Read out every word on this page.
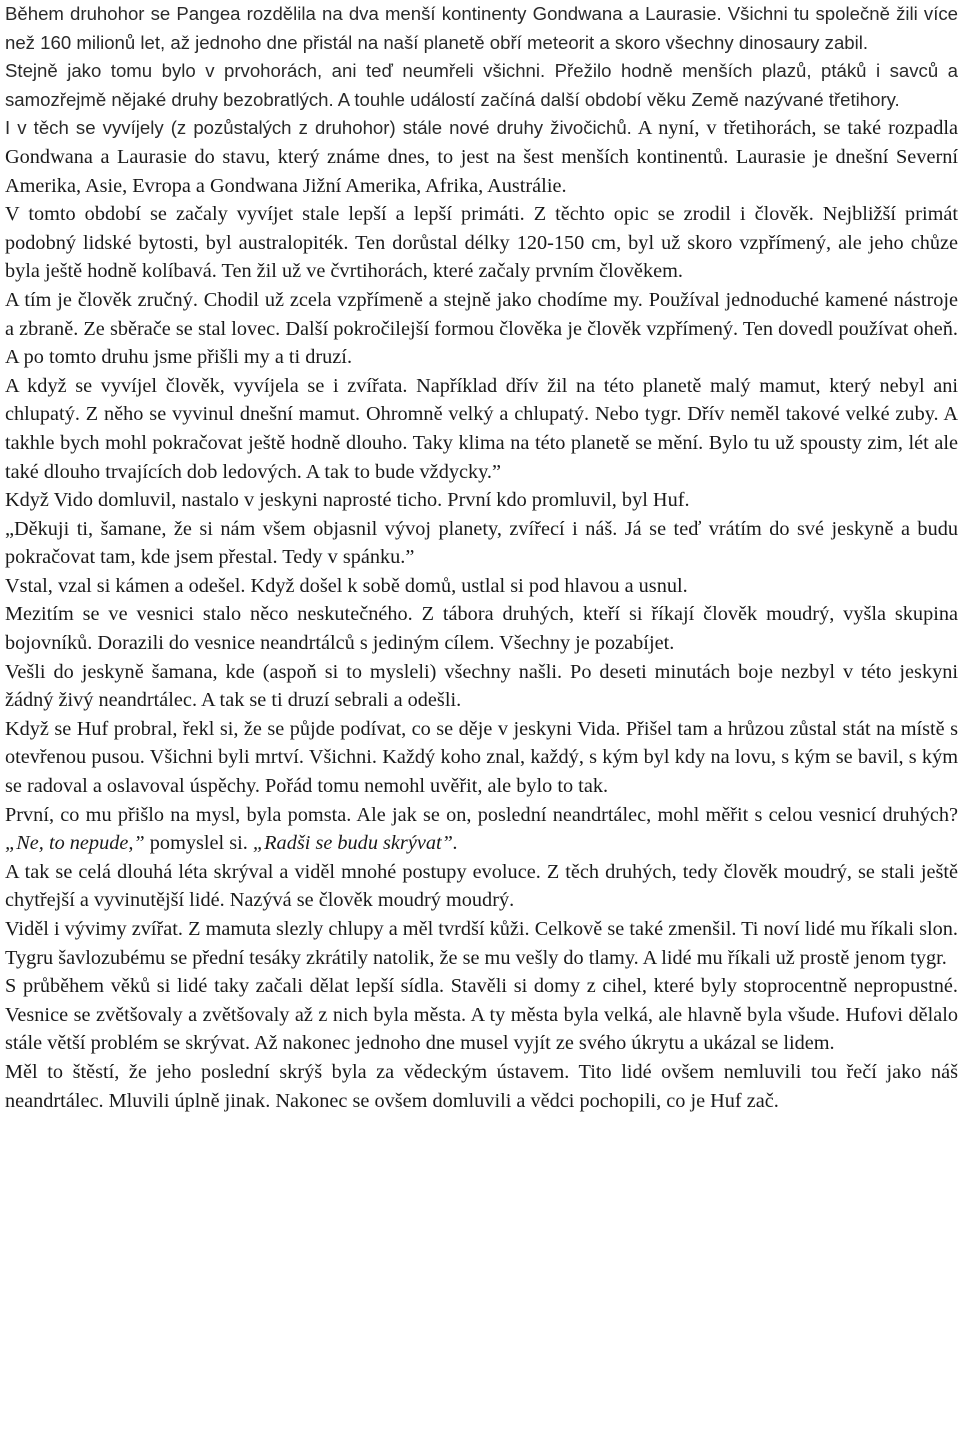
Během druhohor se Pangea rozdělila na dva menší kontinenty Gondwana a Laurasie. Všichni tu společně žili více než 160 milionů let, až jednoho dne přistál na naší planetě obří meteorit a skoro všechny dinosaury zabil.

Stejně jako tomu bylo v prvohorách, ani teď neumřeli všichni. Přežilo hodně menších plazů, ptáků i savců a samozřejmě nějaké druhy bezobratlých. A touhle událostí začíná další období věku Země nazývané třetihory.

I v těch se vyvíjely (z pozůstalých z druhohor) stále nové druhy živočichů. A nyní, v třetihorách, se také rozpadla Gondwana a Laurasie do stavu, který známe dnes, to jest na šest menších kontinentů. Laurasie je dnešní Severní Amerika, Asie, Evropa a Gondwana Jižní Amerika, Afrika, Austrálie.

V tomto období se začaly vyvíjet stale lepší a lepší primáti. Z těchto opic se zrodil i člověk. Nejbližší primát podobný lidské bytosti, byl australopiték. Ten dorůstal délky 120-150 cm, byl už skoro vzpřímený, ale jeho chůze byla ještě hodně kolíbavá. Ten žil už ve čvrtihorách, které začaly prvním člověkem.

A tím je člověk zručný. Chodil už zcela vzpřímeně a stejně jako chodíme my. Používal jednoduché kamené nástroje a zbraně. Ze sběrače se stal lovec. Další pokročilejší formou člověka je člověk vzpřímený. Ten dovedl používat oheň. A po tomto druhu jsme přišli my a ti druzí.

A když se vyvíjel člověk, vyvíjela se i zvířata. Například dřív žil na této planetě malý mamut, který nebyl ani chlupatý. Z něho se vyvinul dnešní mamut. Ohromně velký a chlupatý. Nebo tygr. Dřív neměl takové velké zuby. A takhle bych mohl pokračovat ještě hodně dlouho. Taky klima na této planetě se mění. Bylo tu už spousty zim, lét ale také dlouho trvajících dob ledových. A tak to bude vždycky.”

Když Vido domluvil, nastalo v jeskyni naprosté ticho. První kdo promluvil, byl Huf.

„Děkuji ti, šamane, že si nám všem objasnil vývoj planety, zvířecí i náš. Já se teď vrátím do své jeskyně a budu pokračovat tam, kde jsem přestal. Tedy v spánku.”

Vstal, vzal si kámen a odešel. Když došel k sobě domů, ustlal si pod hlavou a usnul.

Mezitím se ve vesnici stalo něco neskutečného. Z tábora druhých, kteří si říkají člověk moudrý, vyšla skupina bojovníků. Dorazili do vesnice neandrtálců s jediným cílem. Všechny je pozabíjet.

Vešli do jeskyně šamana, kde (aspoň si to mysleli) všechny našli. Po deseti minutách boje nezbyl v této jeskyni žádný živý neandrtálec. A tak se ti druzí sebrali a odešli.

Když se Huf probral, řekl si, že se půjde podívat, co se děje v jeskyni Vida. Přišel tam a hrůzou zůstal stát na místě s otevřenou pusou. Všichni byli mrtví. Všichni. Každý koho znal, každý, s kým byl kdy na lovu, s kým se bavil, s kým se radoval a oslavoval úspěchy. Pořád tomu nemohl uvěřit, ale bylo to tak.

První, co mu přišlo na mysl, byla pomsta. Ale jak se on, poslední neandrtálec, mohl měřit s celou vesnicí druhých? „Ne, to nepude,” pomyslel si. „Radši se budu skrývat”.

A tak se celá dlouhá léta skrýval a viděl mnohé postupy evoluce. Z těch druhých, tedy člověk moudrý, se stali ještě chytřejší a vyvinutější lidé. Nazývá se člověk moudrý moudrý.

Viděl i vývimy zvířat. Z mamuta slezly chlupy a měl tvrdší kůži. Celkově se také zmenšil. Ti noví lidé mu říkali slon. Tygru šavlozubému se přední tesáky zkrátily natolik, že se mu vešly do tlamy. A lidé mu říkali už prostě jenom tygr.

S průběhem věků si lidé taky začali dělat lepší sídla. Stavěli si domy z cihel, které byly stoprocentně nepropustné. Vesnice se zvětšovaly a zvětšovaly až z nich byla města. A ty města byla velká, ale hlavně byla všude. Hufovi dělalo stále větší problém se skrývat. Až nakonec jednoho dne musel vyjít ze svého úkrytu a ukázal se lidem.

Měl to štěstí, že jeho poslední skrýš byla za vědeckým ústavem. Tito lidé ovšem nemluvili tou řečí jako náš neandrtálec. Mluvili úplně jinak. Nakonec se ovšem domluvili a vědci pochopili, co je Huf zač.
